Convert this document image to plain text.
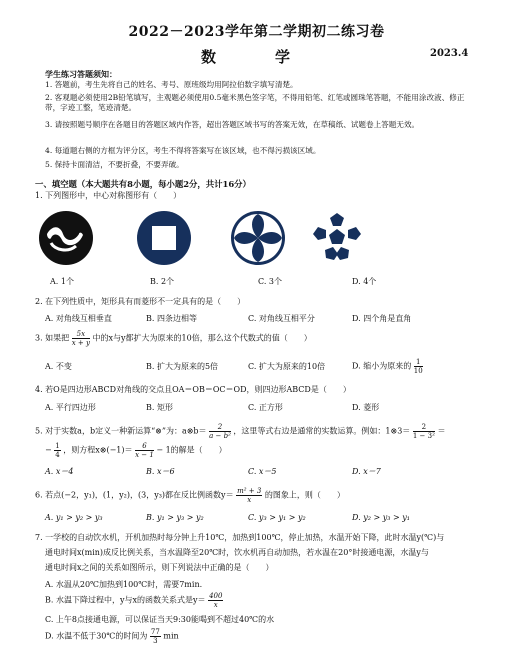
2022－2023学年第二学期初二练习卷
数　学	2023.4
学生练习答题须知：
1. 答题前，考生先将自己的姓名、考号、原班级均用阿拉伯数字填写清楚。
2. 客观题必须使用2B铅笔填写，主观题必须使用0.5毫米黑色签字笔，不得用铅笔、红笔或圆珠笔答题，不能用涂改液、修正带，字迹工整，笔迹清楚。
3. 请按照题号顺序在各题目的答题区域内作答，超出答题区域书写的答案无效，在草稿纸、试题卷上答题无效。
4. 每道题右侧的方框为评分区，考生不得将答案写在该区域，也不得污损该区域。
5. 保持卡面清洁，不要折叠，不要弄破。
一、填空题（本大题共有8小题，每小题2分，共计16分）
1. 下列图形中，中心对称图形有（　　）
A. 1个	B. 2个	C. 3个	D. 4个
2. 在下列性质中，矩形具有而菱形不一定具有的是（　　）
A. 对角线互相垂直	B. 四条边相等	C. 对角线互相平分	D. 四个角是直角
3. 如果把 $\frac{5x}{x + y}$ 中的x与y都扩大为原来的10倍，那么这个代数式的值（　　）
A. 不变	B. 扩大为原来的5倍	C. 扩大为原来的10倍	D. 缩小为原来的 $\frac{1}{10}$
4. 若O是四边形ABCD对角线的交点且OA＝OB＝OC＝OD，则四边形ABCD是（　　）
A. 平行四边形	B. 矩形	C. 正方形	D. 菱形
5. 对于实数a，b定义一种新运算“⊗”为：a⊗b＝ $\frac{2}{\text{a − b²}}$ ，这里等式右边是通常的实数运算。例如：1⊗3＝ $\frac{2}{\text{1 − 3²}}$ ＝
− $\frac{1}{4}$ ，则方程x⊗(−1)＝ $\frac{6}{x - 1} - 1$的解是（　　）
A. x＝4	B. x＝6	C. x＝5	D. x＝7
6. 若点(−2，y₁)，(1，y₂)，(3，y₃)都在反比例函数$y= \frac{\text{m² + 3}}{x}$ 的图象上，则（　　）
A. y₁ > y₂ > y₃	B. y₁ > y₃ > y₂	C. y₃ > y₁ > y₂	D. y₂ > y₃ > y₁
7. 一学校的自动饮水机，开机加热时每分钟上升10℃，加热到100℃，停止加热，水温开始下降，此时水温y(℃)与
通电时间x(min)成反比例关系，当水温降至20℃时，饮水机再自动加热，若水温在20°时接通电源，水温y与
通电时间x之间的关系如图所示，则下列说法中正确的是（　　）
A. 水温从20℃加热到100℃时，需要7min.
B. 水温下降过程中，y与x的函数关系式是$y= \frac{400}{x}$
C. 上午8点接通电源，可以保证当天9:30能喝到不超过40℃的水
D. 水温不低于30℃的时间为 $\frac{77}{3}$ min
